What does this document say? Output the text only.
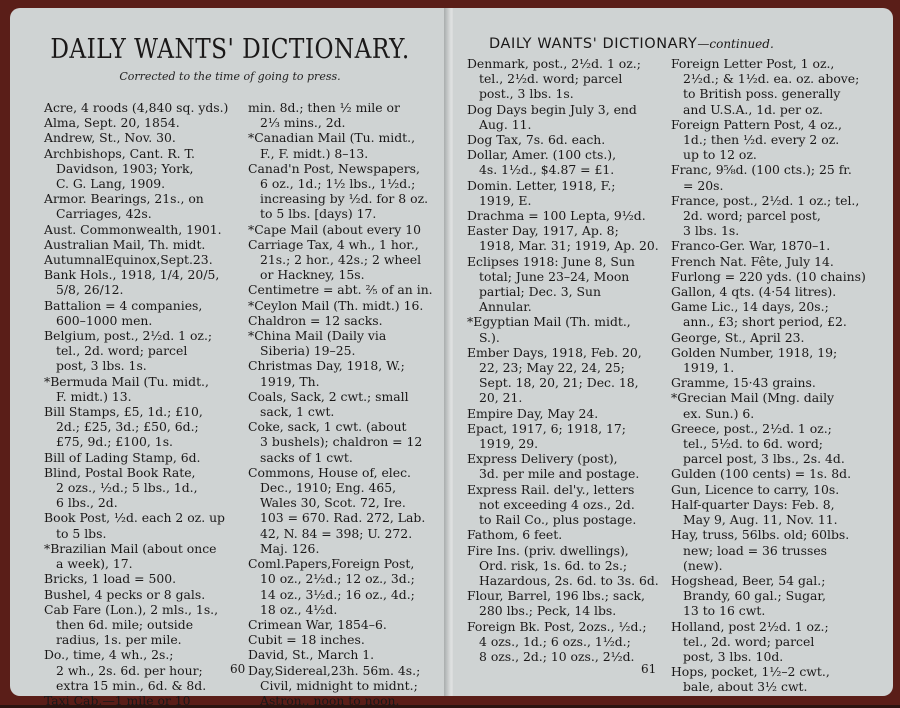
DAILY WANTS' DICTIONARY.
Corrected to the time of going to press.
Acre, 4 roods (4,840 sq. yds.)
Alma, Sept. 20, 1854.
Andrew, St., Nov. 30.
Archbishops, Cant. R. T.
Davidson, 1903; York,
C. G. Lang, 1909.
Armor. Bearings, 21s., on
Carriages, 42s.
Aust. Commonwealth, 1901.
Australian Mail, Th. midt.
AutumnalEquinox,Sept.23.
Bank Hols., 1918, 1/4, 20/5,
5/8, 26/12.
Battalion = 4 companies,
600–1000 men.
Belgium, post., 2½d. 1 oz.;
tel., 2d. word; parcel
post, 3 lbs. 1s.
*Bermuda Mail (Tu. midt.,
F. midt.) 13.
Bill Stamps, £5, 1d.; £10,
2d.; £25, 3d.; £50, 6d.;
£75, 9d.; £100, 1s.
Bill of Lading Stamp, 6d.
Blind, Postal Book Rate,
2 ozs., ½d.; 5 lbs., 1d.,
6 lbs., 2d.
Book Post, ½d. each 2 oz. up
to 5 lbs.
*Brazilian Mail (about once
a week), 17.
Bricks, 1 load = 500.
Bushel, 4 pecks or 8 gals.
Cab Fare (Lon.), 2 mls., 1s.,
then 6d. mile; outside
radius, 1s. per mile.
Do., time, 4 wh., 2s.;
2 wh., 2s. 6d. per hour;
extra 15 min., 6d. & 8d.
Taxi Cab.—1 mile or 10
min. 8d.; then ½ mile or
2⅓ mins., 2d.
*Canadian Mail (Tu. midt.,
F., F. midt.) 8–13.
Canad'n Post, Newspapers,
6 oz., 1d.; 1½ lbs., 1½d.;
increasing by ½d. for 8 oz.
to 5 lbs. [days) 17.
*Cape Mail (about every 10
Carriage Tax, 4 wh., 1 hor.,
21s.; 2 hor., 42s.; 2 wheel
or Hackney, 15s.
Centimetre = abt. ⅖ of an in.
*Ceylon Mail (Th. midt.) 16.
Chaldron = 12 sacks.
*China Mail (Daily via
Siberia) 19–25.
Christmas Day, 1918, W.;
1919, Th.
Coals, Sack, 2 cwt.; small
sack, 1 cwt.
Coke, sack, 1 cwt. (about
3 bushels); chaldron = 12
sacks of 1 cwt.
Commons, House of, elec.
Dec., 1910; Eng. 465,
Wales 30, Scot. 72, Ire.
103 = 670. Rad. 272, Lab.
42, N. 84 = 398; U. 272.
Maj. 126.
Coml.Papers,Foreign Post,
10 oz., 2½d.; 12 oz., 3d.;
14 oz., 3½d.; 16 oz., 4d.;
18 oz., 4½d.
Crimean War, 1854–6.
Cubit = 18 inches.
David, St., March 1.
Day,Sidereal,23h. 56m. 4s.;
Civil, midnight to midnt.;
Astron., noon to noon.
60
DAILY WANTS' DICTIONARY—continued.
Denmark, post., 2½d. 1 oz.;
tel., 2½d. word; parcel
post., 3 lbs. 1s.
Dog Days begin July 3, end
Aug. 11.
Dog Tax, 7s. 6d. each.
Dollar, Amer. (100 cts.),
4s. 1½d., $4.87 = £1.
Domin. Letter, 1918, F.;
1919, E.
Drachma = 100 Lepta, 9½d.
Easter Day, 1917, Ap. 8;
1918, Mar. 31; 1919, Ap. 20.
Eclipses 1918: June 8, Sun
total; June 23–24, Moon
partial; Dec. 3, Sun
Annular.
*Egyptian Mail (Th. midt.,
S.).
Ember Days, 1918, Feb. 20,
22, 23; May 22, 24, 25;
Sept. 18, 20, 21; Dec. 18,
20, 21.
Empire Day, May 24.
Epact, 1917, 6; 1918, 17;
1919, 29.
Express Delivery (post),
3d. per mile and postage.
Express Rail. del'y., letters
not exceeding 4 ozs., 2d.
to Rail Co., plus postage.
Fathom, 6 feet.
Fire Ins. (priv. dwellings),
Ord. risk, 1s. 6d. to 2s.;
Hazardous, 2s. 6d. to 3s. 6d.
Flour, Barrel, 196 lbs.; sack,
280 lbs.; Peck, 14 lbs.
Foreign Bk. Post, 2ozs., ½d.;
4 ozs., 1d.; 6 ozs., 1½d.;
8 ozs., 2d.; 10 ozs., 2½d.
Foreign Letter Post, 1 oz.,
2½d.; & 1½d. ea. oz. above;
to British poss. generally
and U.S.A., 1d. per oz.
Foreign Pattern Post, 4 oz.,
1d.; then ½d. every 2 oz.
up to 12 oz.
Franc, 9⅝d. (100 cts.); 25 fr.
= 20s.
France, post., 2½d. 1 oz.; tel.,
2d. word; parcel post,
3 lbs. 1s.
Franco-Ger. War, 1870–1.
French Nat. Fête, July 14.
Furlong = 220 yds. (10 chains)
Gallon, 4 qts. (4·54 litres).
Game Lic., 14 days, 20s.;
ann., £3; short period, £2.
George, St., April 23.
Golden Number, 1918, 19;
1919, 1.
Gramme, 15·43 grains.
*Grecian Mail (Mng. daily
ex. Sun.) 6.
Greece, post., 2½d. 1 oz.;
tel., 5½d. to 6d. word;
parcel post, 3 lbs., 2s. 4d.
Gulden (100 cents) = 1s. 8d.
Gun, Licence to carry, 10s.
Half-quarter Days: Feb. 8,
May 9, Aug. 11, Nov. 11.
Hay, truss, 56lbs. old; 60lbs.
new; load = 36 trusses
(new).
Hogshead, Beer, 54 gal.;
Brandy, 60 gal.; Sugar,
13 to 16 cwt.
Holland, post 2½d. 1 oz.;
tel., 2d. word; parcel
post, 3 lbs. 10d.
Hops, pocket, 1½–2 cwt.,
bale, about 3½ cwt.
61
